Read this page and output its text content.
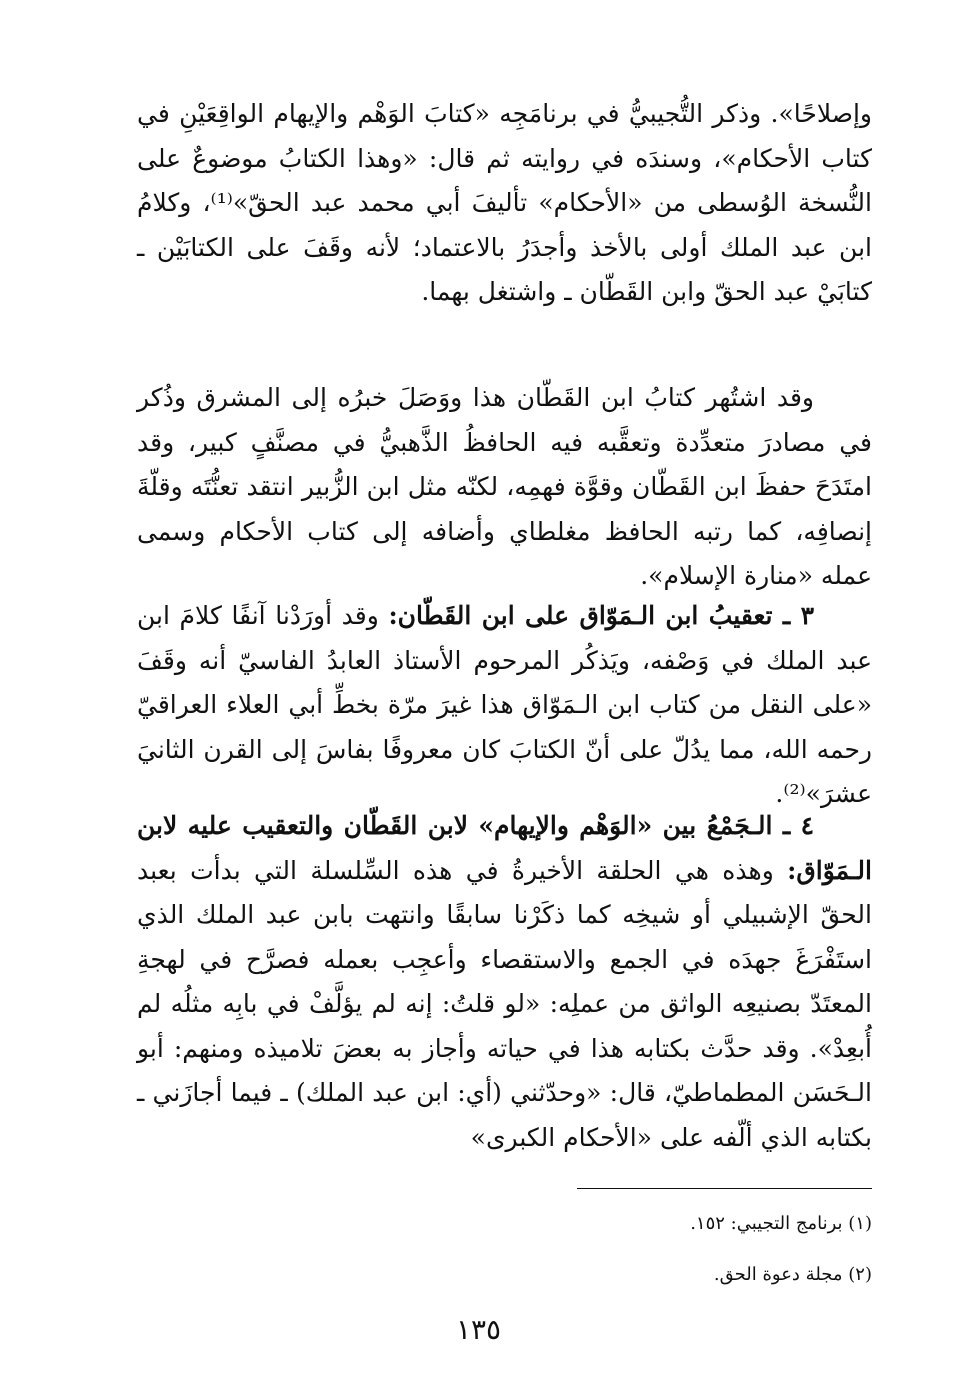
وإصلاحًا». وذكر التُّجيبيُّ في برنامَجِه «كتابَ الوَهْم والإيهام الواقِعَيْنِ في كتاب الأحكام»، وسندَه في روايته ثم قال: «وهذا الكتابُ موضوعٌ على النُّسخة الوُسطى من «الأحكام» تأليفَ أبي محمد عبد الحقّ»⁽¹⁾، وكلامُ ابن عبد الملك أولى بالأخذ وأجدَرُ بالاعتماد؛ لأنه وقَفَ على الكتابَيْن ـ كتابَيْ عبد الحقّ وابن القَطّان ـ واشتغل بهما.

وقد اشتُهر كتابُ ابن القَطّان هذا ووَصَلَ خبرُه إلى المشرق وذُكر في مصادرَ متعدِّدة وتعقَّبه فيه الحافظُ الذَّهبيُّ في مصنَّفٍ كبير، وقد امتَدَحَ حفظَ ابن القَطّان وقوَّة فهمِه، لكنّه مثل ابن الزُّبير انتقد تعنُّتَه وقلّةَ إنصافِه، كما رتبه الحافظ مغلطاي وأضافه إلى كتاب الأحكام وسمى عمله «منارة الإسلام».

٣ ـ تعقيبُ ابن الـمَوّاق على ابن القَطّان: وقد أورَدْنا آنفًا كلامَ ابن عبد الملك في وَصْفه، ويَذكُر المرحوم الأستاذ العابدُ الفاسيّ أنه وقَفَ «على النقل من كتاب ابن الـمَوّاق هذا غيرَ مرّة بخطِّ أبي العلاء العراقيّ رحمه الله، مما يدُلّ على أنّ الكتابَ كان معروفًا بفاسَ إلى القرن الثانيَ عشرَ»⁽²⁾.

٤ ـ الـجَمْعُ بين «الوَهْم والإيهام» لابن القَطّان والتعقيب عليه لابن الـمَوّاق: وهذه هي الحلقة الأخيرةُ في هذه السِّلسلة التي بدأت بعبد الحقّ الإشبيلي أو شيخِه كما ذكَرْنا سابقًا وانتهت بابن عبد الملك الذي استَفْرَغَ جهدَه في الجمع والاستقصاء وأعجِب بعمله فصرَّح في لهجةِ المعتَدّ بصنيعِه الواثق من عملِه: «لو قلتُ: إنه لم يؤلَّفْ في بابِه مثلُه لم أُبعِدْ». وقد حدَّث بكتابه هذا في حياته وأجاز به بعضَ تلاميذه ومنهم: أبو الـحَسَن المطماطيّ، قال: «وحدّثني (أي: ابن عبد الملك) ـ فيما أجازَني ـ بكتابه الذي ألّفه على «الأحكام الكبرى»

(١) برنامج التجيبي: ١٥٢.
(٢) مجلة دعوة الحق.
١٣٥
